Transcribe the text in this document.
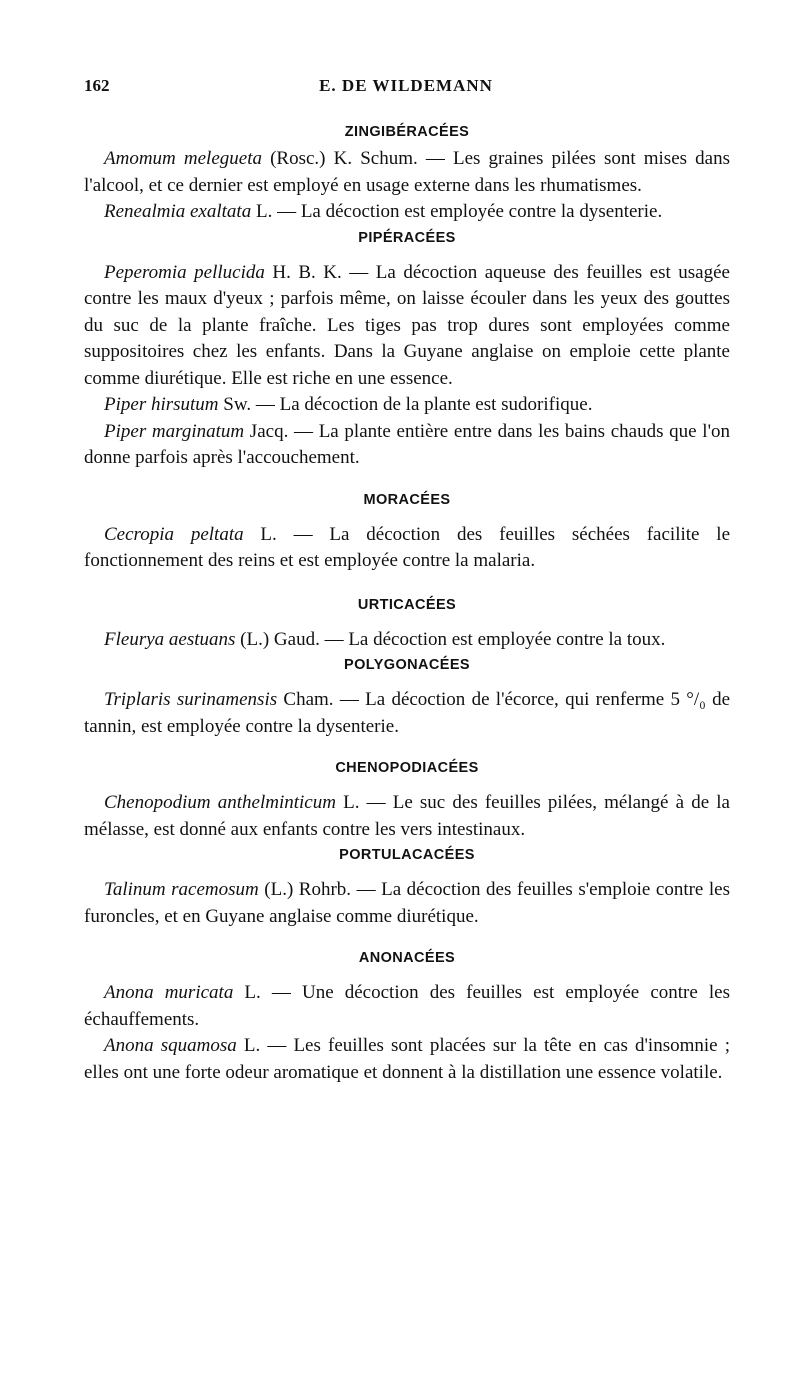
162	E. DE WILDEMANN
ZINGIBÉRACÉES

Amomum melegueta (Rosc.) K. Schum. — Les graines pilées sont mises dans l'alcool, et ce dernier est employé en usage externe dans les rhumatismes.

Renealmia exaltata L. — La décoction est employée contre la dysenterie.

PIPÉRACÉES

Peperomia pellucida H. B. K. — La décoction aqueuse des feuilles est usagée contre les maux d'yeux ; parfois même, on laisse écouler dans les yeux des gouttes du suc de la plante fraîche. Les tiges pas trop dures sont employées comme suppositoires chez les enfants. Dans la Guyane anglaise on emploie cette plante comme diurétique. Elle est riche en une essence.

Piper hirsutum Sw. — La décoction de la plante est sudorifique.

Piper marginatum Jacq. — La plante entière entre dans les bains chauds que l'on donne parfois après l'accouchement.

MORACÉES

Cecropia peltata L. — La décoction des feuilles séchées facilite le fonctionnement des reins et est employée contre la malaria.

URTICACÉES

Fleurya aestuans (L.) Gaud. — La décoction est employée contre la toux.

POLYGONACÉES

Triplaris surinamensis Cham. — La décoction de l'écorce, qui renferme 5 °/₀ de tannin, est employée contre la dysenterie.

CHENOPODIACÉES

Chenopodium anthelminticum L. — Le suc des feuilles pilées, mélangé à de la mélasse, est donné aux enfants contre les vers intestinaux.

PORTULACACÉES

Talinum racemosum (L.) Rohrb. — La décoction des feuilles s'emploie contre les furoncles, et en Guyane anglaise comme diurétique.

ANONACÉES

Anona muricata L. — Une décoction des feuilles est employée contre les échauffements.

Anona squamosa L. — Les feuilles sont placées sur la tête en cas d'insomnie ; elles ont une forte odeur aromatique et donnent à la distillation une essence volatile.
